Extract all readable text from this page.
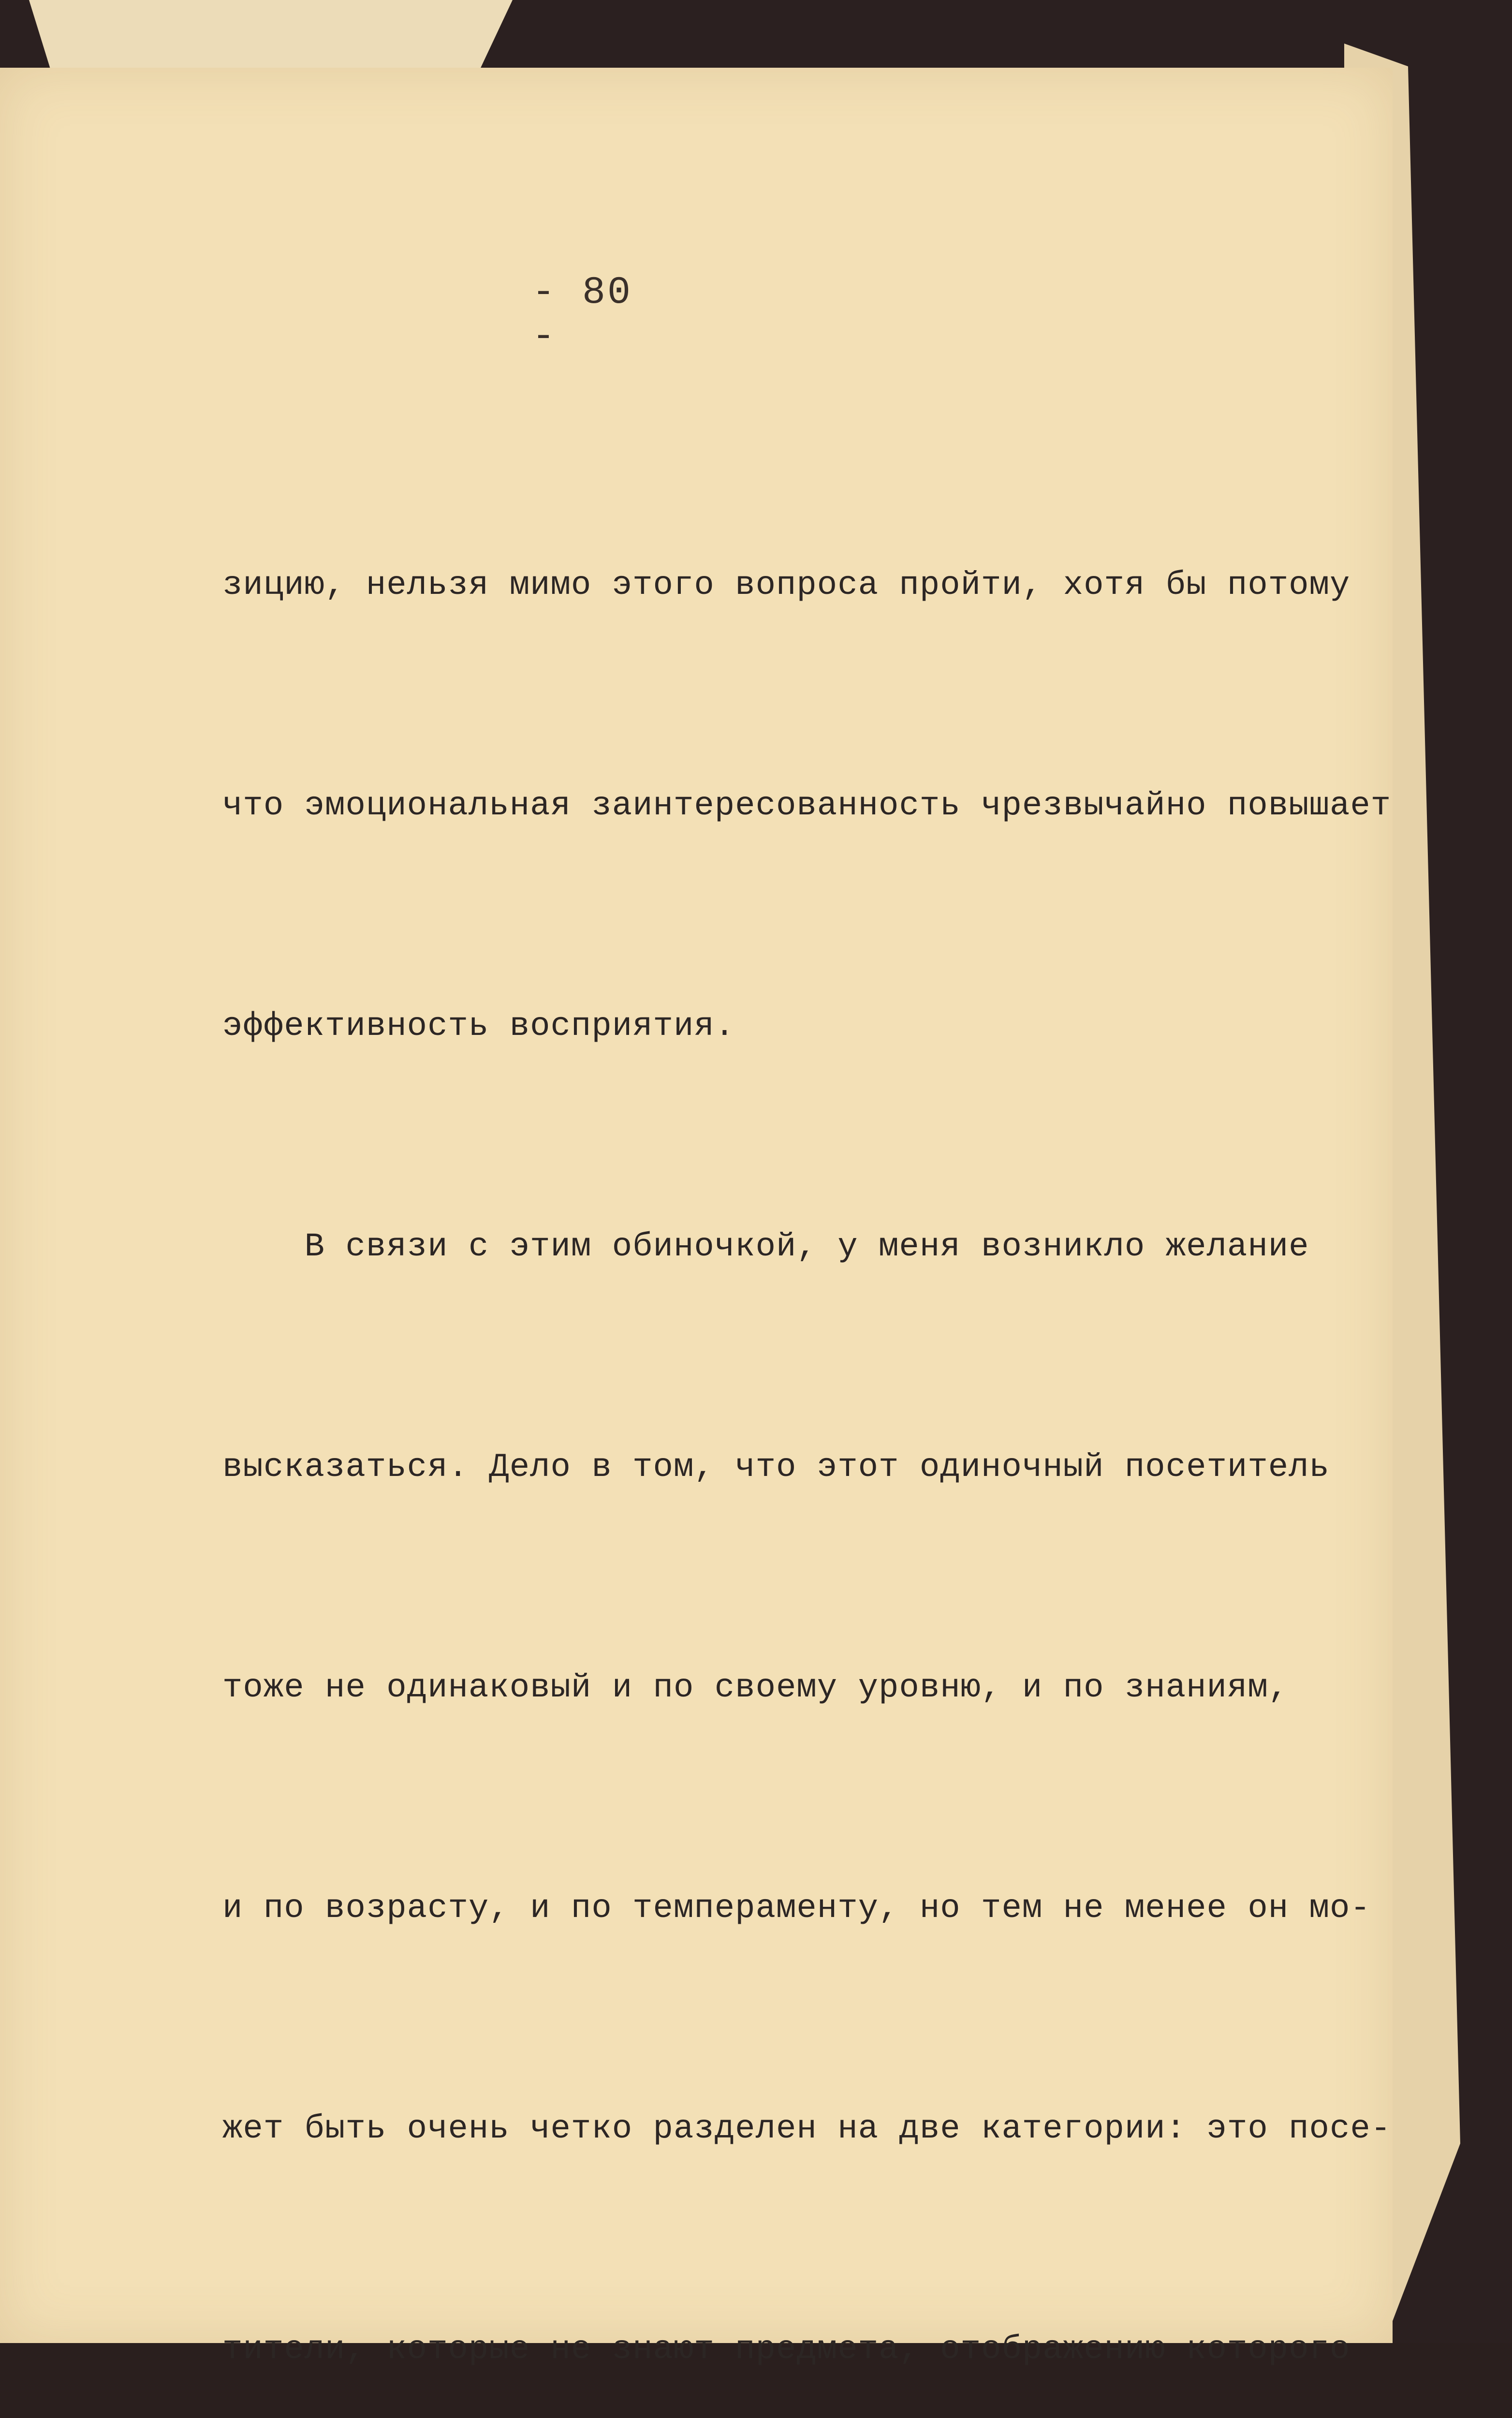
- 80 -

зицию, нельзя мимо этого вопроса пройти, хотя бы потому

что эмоциональная заинтересованность чрезвычайно повышает

эффективность восприятия.

В связи с этим обиночкой, у меня возникло желание

высказаться. Дело в том, что этот одиночный посетитель

тоже не одинаковый и по своему уровню, и по знаниям,

и по возрасту, и по темпераменту, но тем не менее он мо-

жет быть очень четко разделен на две категории: это посе-

тители, которые не знают предмета, отображению которого
